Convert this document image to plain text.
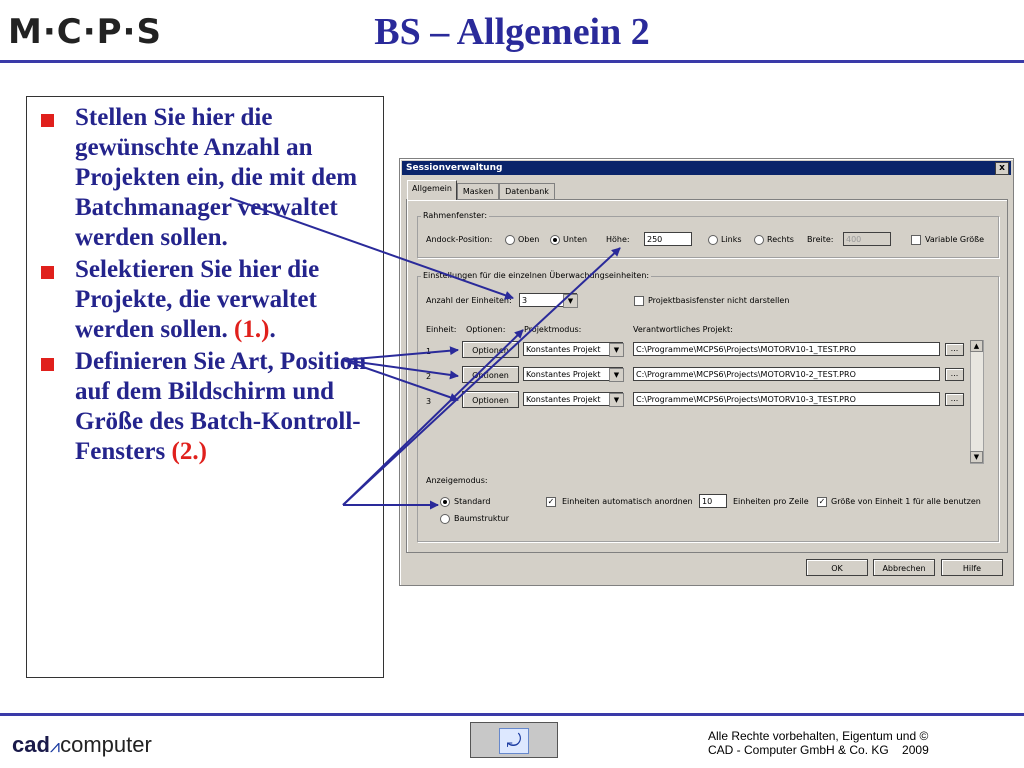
M·C·P·S	BS – Allgemein 2
Stellen Sie hier die gewünschte Anzahl an Projekten ein, die mit dem Batchmanager verwaltet werden sollen.
Selektieren Sie hier die Projekte, die verwaltet werden sollen. (1.).
Definieren Sie Art, Position auf dem Bildschirm und Größe des Batch-Kontroll-Fensters (2.)
Sessionverwaltung	x
Allgemein	Masken	Datenbank
Rahmenfenster:
Andock-Position:	Oben	Unten Höhe:	250	Links	Rechts Breite:	400	Variable Größe
Einstellungen für die einzelnen Überwachungseinheiten:
Anzahl der Einheiten:	3	▼	Projektbasisfenster nicht darstellen
Einheit: Optionen: Projektmodus:	Verantwortliches Projekt:
1	Optionen	Konstantes Projekt	▼	C:\Programme\MCPS6\Projects\MOTORV10-1_TEST.PRO	...
2	Optionen	Konstantes Projekt	▼	C:\Programme\MCPS6\Projects\MOTORV10-2_TEST.PRO	...
3	Optionen	Konstantes Projekt	▼	C:\Programme\MCPS6\Projects\MOTORV10-3_TEST.PRO	...
▲
▼
Anzeigemodus:
Standard
Baumstruktur
✓ Einheiten automatisch anordnen	10	Einheiten pro Zeile ✓ Größe von Einheit 1 für alle benutzen
OK	Abbrechen	Hilfe
cad⩘computer	⤾	Alle Rechte vorbehalten, Eigentum und ©
CAD - Computer GmbH & Co. KG    2009
